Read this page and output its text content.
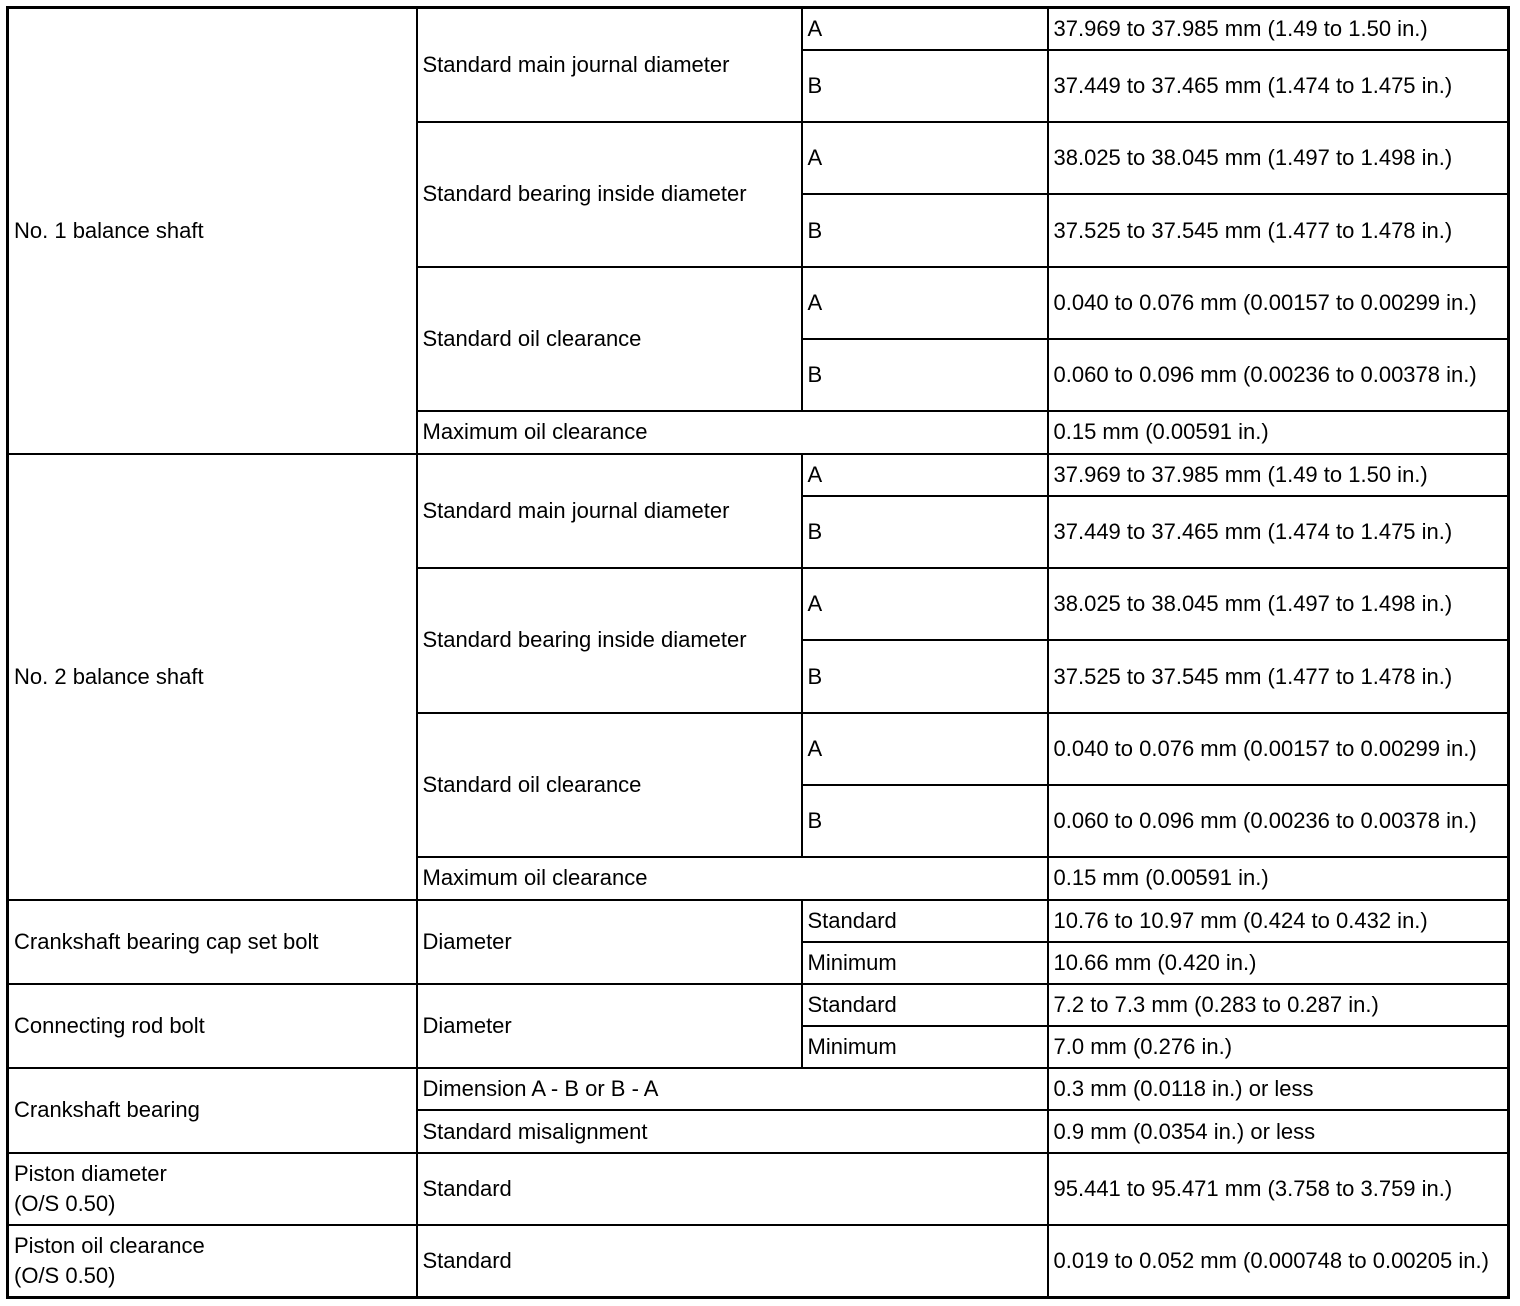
No. 1 balance shaft	Standard main journal diameter	A	37.969 to 37.985 mm (1.49 to 1.50 in.)
		B	37.449 to 37.465 mm (1.474 to 1.475 in.)
	Standard bearing inside diameter	A	38.025 to 38.045 mm (1.497 to 1.498 in.)
		B	37.525 to 37.545 mm (1.477 to 1.478 in.)
	Standard oil clearance	A	0.040 to 0.076 mm (0.00157 to 0.00299 in.)
		B	0.060 to 0.096 mm (0.00236 to 0.00378 in.)
	Maximum oil clearance		0.15 mm (0.00591 in.)
No. 2 balance shaft	Standard main journal diameter	A	37.969 to 37.985 mm (1.49 to 1.50 in.)
		B	37.449 to 37.465 mm (1.474 to 1.475 in.)
	Standard bearing inside diameter	A	38.025 to 38.045 mm (1.497 to 1.498 in.)
		B	37.525 to 37.545 mm (1.477 to 1.478 in.)
	Standard oil clearance	A	0.040 to 0.076 mm (0.00157 to 0.00299 in.)
		B	0.060 to 0.096 mm (0.00236 to 0.00378 in.)
	Maximum oil clearance		0.15 mm (0.00591 in.)
Crankshaft bearing cap set bolt	Diameter	Standard	10.76 to 10.97 mm (0.424 to 0.432 in.)
		Minimum	10.66 mm (0.420 in.)
Connecting rod bolt	Diameter	Standard	7.2 to 7.3 mm (0.283 to 0.287 in.)
		Minimum	7.0 mm (0.276 in.)
Crankshaft bearing	Dimension A - B or B - A		0.3 mm (0.0118 in.) or less
	Standard misalignment		0.9 mm (0.0354 in.) or less
Piston diameter
(O/S 0.50)	Standard		95.441 to 95.471 mm (3.758 to 3.759 in.)
Piston oil clearance
(O/S 0.50)	Standard		0.019 to 0.052 mm (0.000748 to 0.00205 in.)
